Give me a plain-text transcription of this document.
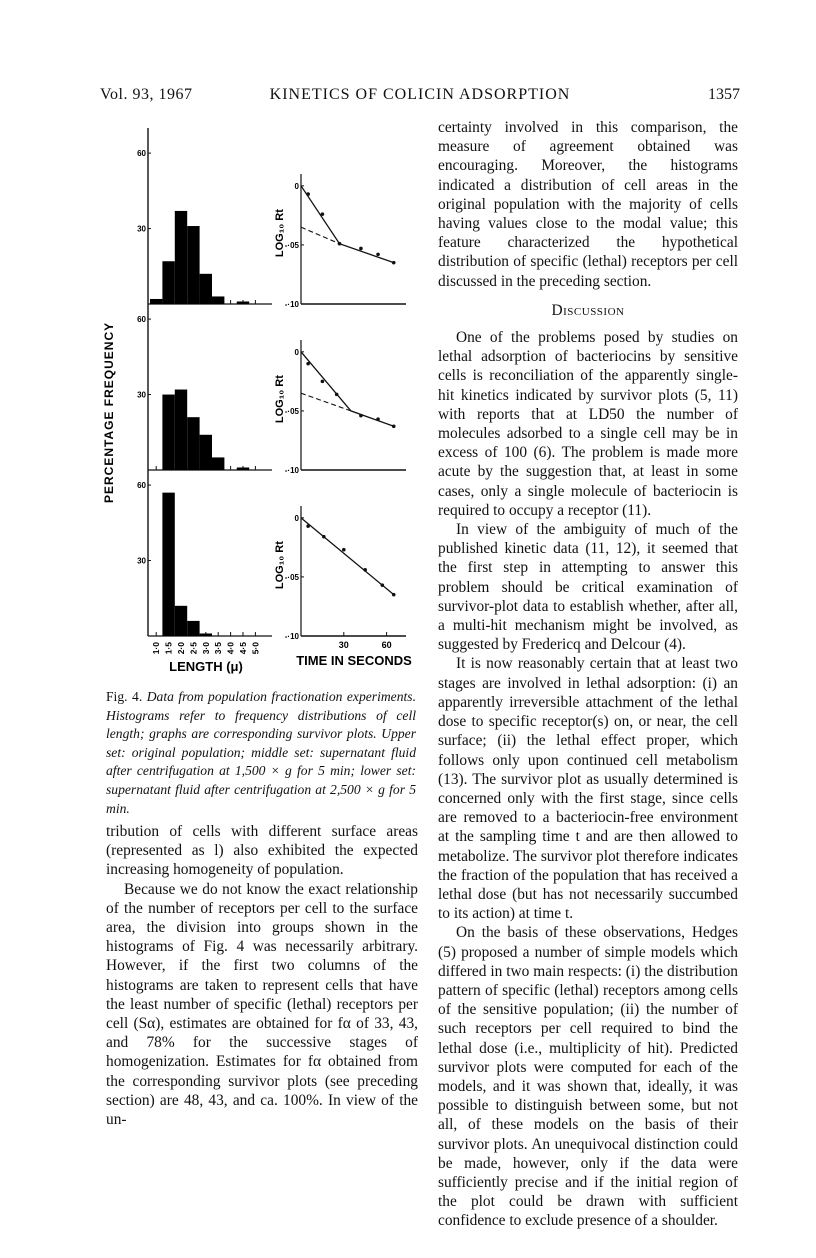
Vol. 93, 1967	KINETICS OF COLICIN ADSORPTION	1357
60
30
60
30
60
30
1·0 1·5 2·0 2·5 3·0 3·5 4·0 4·5 5·0
0
-·05
-·10
LOG₁₀ Rt
0
-·05
-·10
LOG₁₀ Rt
0
-·05
-·10
LOG₁₀ Rt
30	60
PERCENTAGE FREQUENCY
LENGTH (μ)	TIME IN SECONDS
Fig. 4. Data from population fractionation experiments. Histograms refer to frequency distributions of cell length; graphs are corresponding survivor plots. Upper set: original population; middle set: supernatant fluid after centrifugation at 1,500 × g for 5 min; lower set: supernatant fluid after centrifugation at 2,500 × g for 5 min.

tribution of cells with different surface areas (represented as l) also exhibited the expected increasing homogeneity of population.

Because we do not know the exact relationship of the number of receptors per cell to the surface area, the division into groups shown in the histograms of Fig. 4 was necessarily arbitrary. However, if the first two columns of the histograms are taken to represent cells that have the least number of specific (lethal) receptors per cell (Sα), estimates are obtained for fα of 33, 43, and 78% for the successive stages of homogenization. Estimates for fα obtained from the corresponding survivor plots (see preceding section) are 48, 43, and ca. 100%. In view of the un-

certainty involved in this comparison, the measure of agreement obtained was encouraging. Moreover, the histograms indicated a distribution of cell areas in the original population with the majority of cells having values close to the modal value; this feature characterized the hypothetical distribution of specific (lethal) receptors per cell discussed in the preceding section.

Discussion

One of the problems posed by studies on lethal adsorption of bacteriocins by sensitive cells is reconciliation of the apparently single-hit kinetics indicated by survivor plots (5, 11) with reports that at LD50 the number of molecules adsorbed to a single cell may be in excess of 100 (6). The problem is made more acute by the suggestion that, at least in some cases, only a single molecule of bacteriocin is required to occupy a receptor (11).

In view of the ambiguity of much of the published kinetic data (11, 12), it seemed that the first step in attempting to answer this problem should be critical examination of survivor-plot data to establish whether, after all, a multi-hit mechanism might be involved, as suggested by Fredericq and Delcour (4).

It is now reasonably certain that at least two stages are involved in lethal adsorption: (i) an apparently irreversible attachment of the lethal dose to specific receptor(s) on, or near, the cell surface; (ii) the lethal effect proper, which follows only upon continued cell metabolism (13). The survivor plot as usually determined is concerned only with the first stage, since cells are removed to a bacteriocin-free environment at the sampling time t and are then allowed to metabolize. The survivor plot therefore indicates the fraction of the population that has received a lethal dose (but has not necessarily succumbed to its action) at time t.

On the basis of these observations, Hedges (5) proposed a number of simple models which differed in two main respects: (i) the distribution pattern of specific (lethal) receptors among cells of the sensitive population; (ii) the number of such receptors per cell required to bind the lethal dose (i.e., multiplicity of hit). Predicted survivor plots were computed for each of the models, and it was shown that, ideally, it was possible to distinguish between some, but not all, of these models on the basis of their survivor plots. An unequivocal distinction could be made, however, only if the data were sufficiently precise and if the initial region of the plot could be drawn with sufficient confidence to exclude presence of a shoulder.
